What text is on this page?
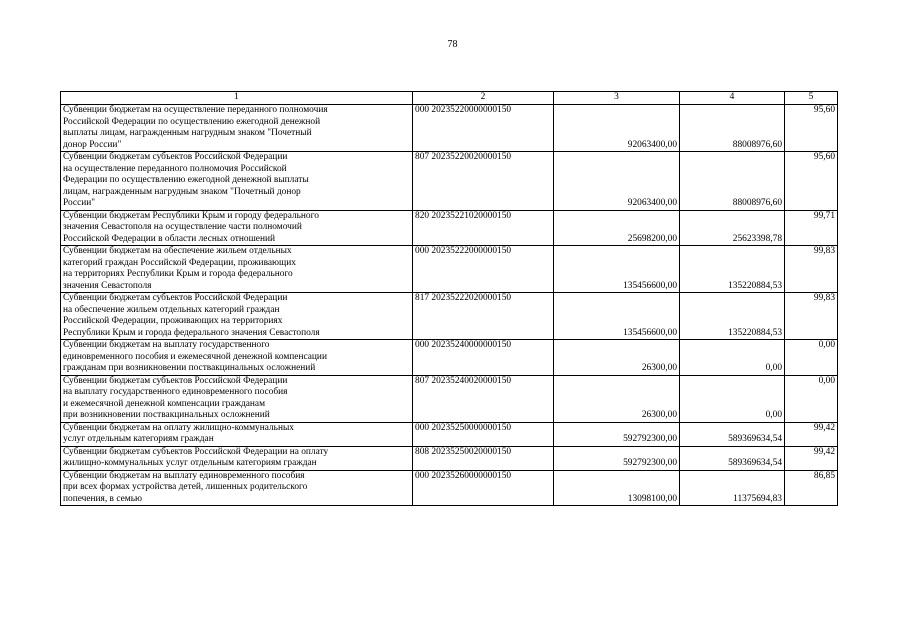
78
1	2	3	4	5
Субвенции бюджетам на осуществление переданного полномочия
Российской Федерации по осуществлению ежегодной денежной
выплаты лицам, награжденным нагрудным знаком "Почетный
донор России"	000 20235220000000150	92063400,00	88008976,60	95,60
Субвенции бюджетам субъектов Российской Федерации
на осуществление переданного полномочия Российской
Федерации по осуществлению ежегодной денежной выплаты
лицам, награжденным нагрудным знаком "Почетный донор
России"	807 20235220020000150	92063400,00	88008976,60	95,60
Субвенции бюджетам Республики Крым и городу федерального
значения Севастополя на осуществление части полномочий
Российской Федерации в области лесных отношений	820 20235221020000150	25698200,00	25623398,78	99,71
Субвенции бюджетам на обеспечение жильем отдельных
категорий граждан Российской Федерации, проживающих
на территориях Республики Крым и города федерального
значения Севастополя	000 20235222000000150	135456600,00	135220884,53	99,83
Субвенции бюджетам субъектов Российской Федерации
на обеспечение жильем отдельных категорий граждан
Российской Федерации, проживающих на территориях
Республики Крым и города федерального значения Севастополя	817 20235222020000150	135456600,00	135220884,53	99,83
Субвенции бюджетам на выплату государственного
единовременного пособия и ежемесячной денежной компенсации
гражданам при возникновении поствакцинальных осложнений	000 20235240000000150	26300,00	0,00	0,00
Субвенции бюджетам субъектов Российской Федерации
на выплату государственного единовременного пособия
и ежемесячной денежной компенсации гражданам
при возникновении поствакцинальных осложнений	807 20235240020000150	26300,00	0,00	0,00
Субвенции бюджетам на оплату жилищно-коммунальных
услуг отдельным категориям граждан	000 20235250000000150	592792300,00	589369634,54	99,42
Субвенции бюджетам субъектов Российской Федерации на оплату
жилищно-коммунальных услуг отдельным категориям граждан	808 20235250020000150	592792300,00	589369634,54	99,42
Субвенции бюджетам на выплату единовременного пособия
при всех формах устройства детей, лишенных родительского
попечения, в семью	000 20235260000000150	13098100,00	11375694,83	86,85
